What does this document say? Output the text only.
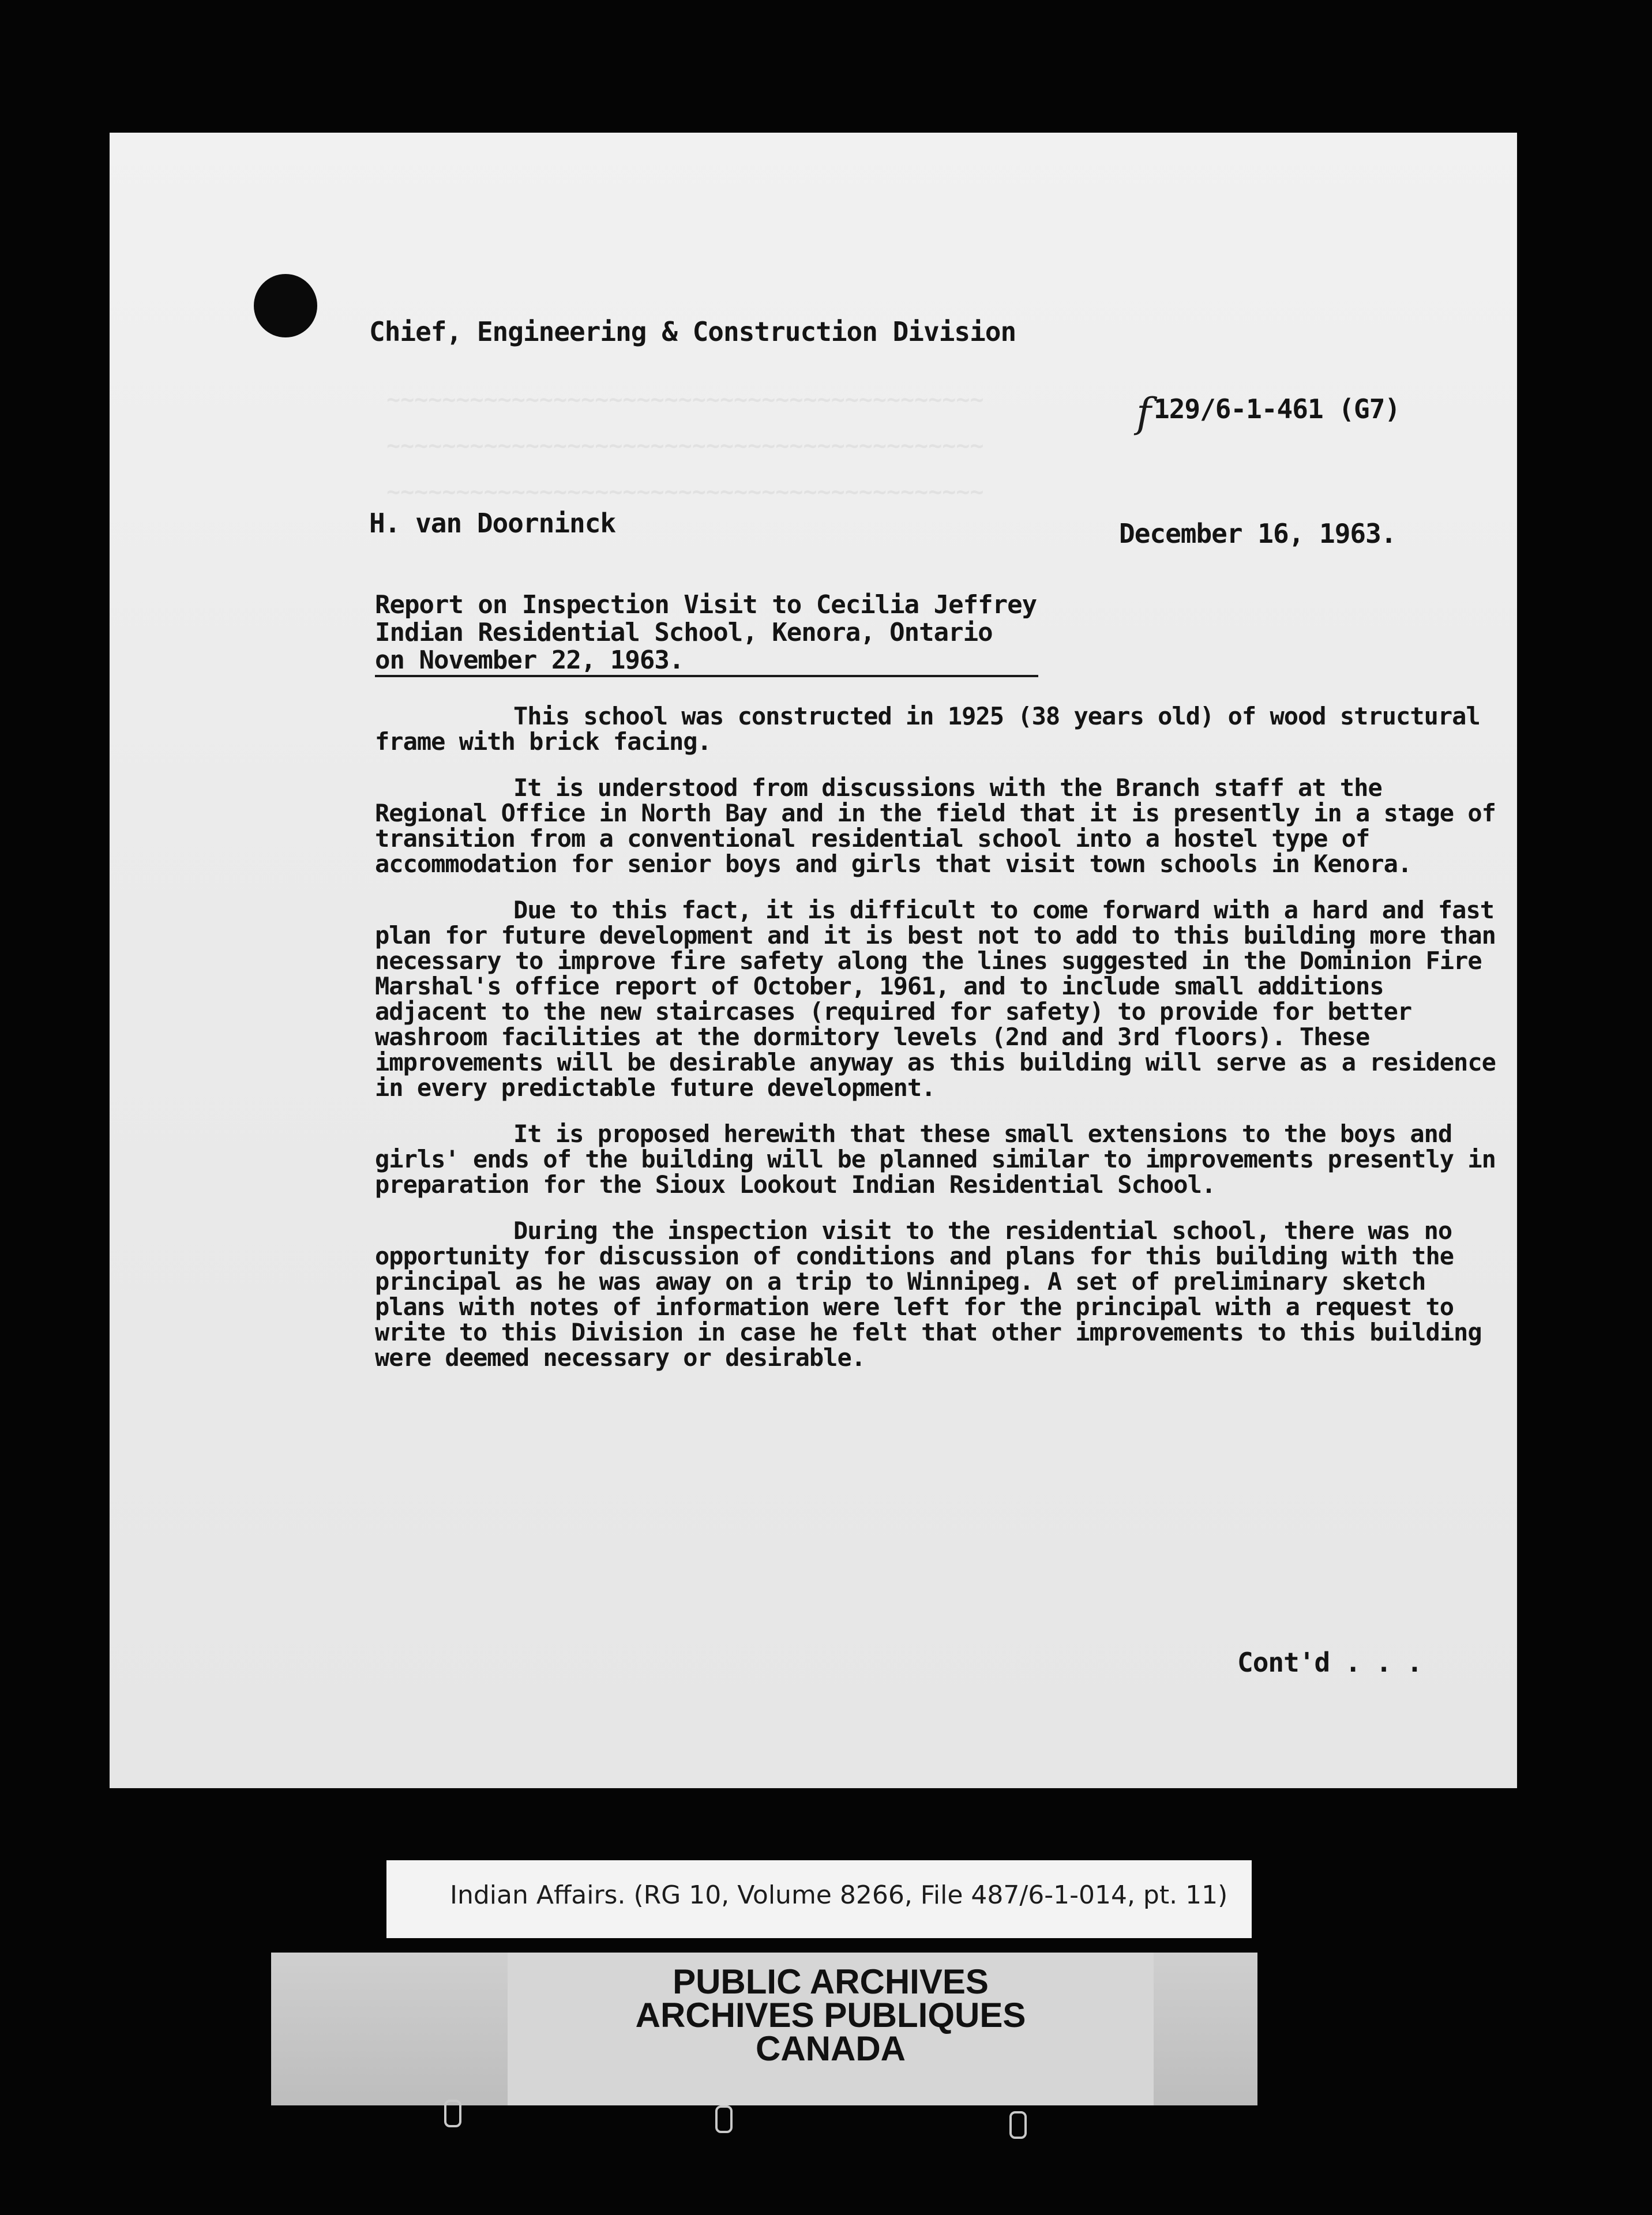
~~~~~~~~~~~~~~~~~~~~~~~~~~~~~~~~~~~~~~~~~~~
~~~~~~~~~~~~~~~~~~~~~~~~~~~~~~~~~~~~~~~~~~~
~~~~~~~~~~~~~~~~~~~~~~~~~~~~~~~~~~~~~~~~~~~
Chief, Engineering & Construction Division
f 129/6-1-461 (G7)
H. van Doorninck	December 16, 1963.
Report on Inspection Visit to Cecilia Jeffrey
Indian Residential School, Kenora, Ontario
on November 22, 1963.

This school was constructed in 1925 (38 years old) of wood structural frame with brick facing.

It is understood from discussions with the Branch staff at the Regional Office in North Bay and in the field that it is presently in a stage of transition from a conventional residential school into a hostel type of accommodation for senior boys and girls that visit town schools in Kenora.

Due to this fact, it is difficult to come forward with a hard and fast plan for future development and it is best not to add to this building more than necessary to improve fire safety along the lines suggested in the Dominion Fire Marshal's office report of October, 1961, and to include small additions adjacent to the new staircases (required for safety) to provide for better washroom facilities at the dormitory levels (2nd and 3rd floors). These improvements will be desirable anyway as this building will serve as a residence in every predictable future development.

It is proposed herewith that these small extensions to the boys and girls' ends of the building will be planned similar to improvements presently in preparation for the Sioux Lookout Indian Residential School.

During the inspection visit to the residential school, there was no opportunity for discussion of conditions and plans for this building with the principal as he was away on a trip to Winnipeg. A set of preliminary sketch plans with notes of information were left for the principal with a request to write to this Division in case he felt that other improvements to this building were deemed necessary or desirable.

Cont'd . . .
Indian Affairs. (RG 10, Volume 8266, File 487/6-1-014, pt. 11)
PUBLIC ARCHIVES
ARCHIVES PUBLIQUES
CANADA
